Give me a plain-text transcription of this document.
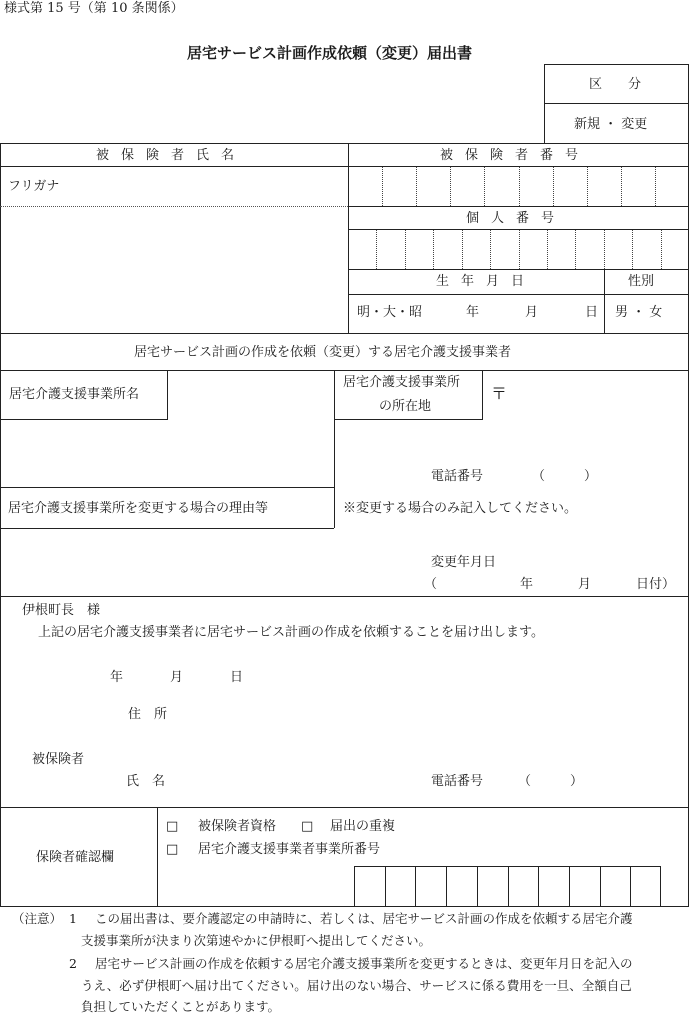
様式第 15 号（第 10 条関係）
居宅サービス計画作成依頼（変更）届出書
区　　分
新規 ・ 変更
被保険者氏名	被保険者番号
フリガナ
個人番号
生年月日	性別
明・大・昭	年	月	日 男 ・ 女
居宅サービス計画の作成を依頼（変更）する居宅介護支援事業者
居宅介護支援事業所名
居宅介護支援事業所
の所在地
〒
電話番号	（　　　）
居宅介護支援事業所を変更する場合の理由等	※変更する場合のみ記入してください。
変更年月日
（	年	月	日付）
伊根町長　様
上記の居宅介護支援事業者に居宅サービス計画の作成を依頼することを届け出します。
年	月	日
住　所
被保険者
氏　名	電話番号	（　　　）
保険者確認欄
□ 被保険者資格 □ 届出の重複
□ 居宅介護支援事業者事業所番号
（注意） 1 この届出書は、要介護認定の申請時に、若しくは、居宅サービス計画の作成を依頼する居宅介護
支援事業所が決まり次第速やかに伊根町へ提出してください。
2 居宅サービス計画の作成を依頼する居宅介護支援事業所を変更するときは、変更年月日を記入の
うえ、必ず伊根町へ届け出てください。届け出のない場合、サービスに係る費用を一旦、全額自己
負担していただくことがあります。
